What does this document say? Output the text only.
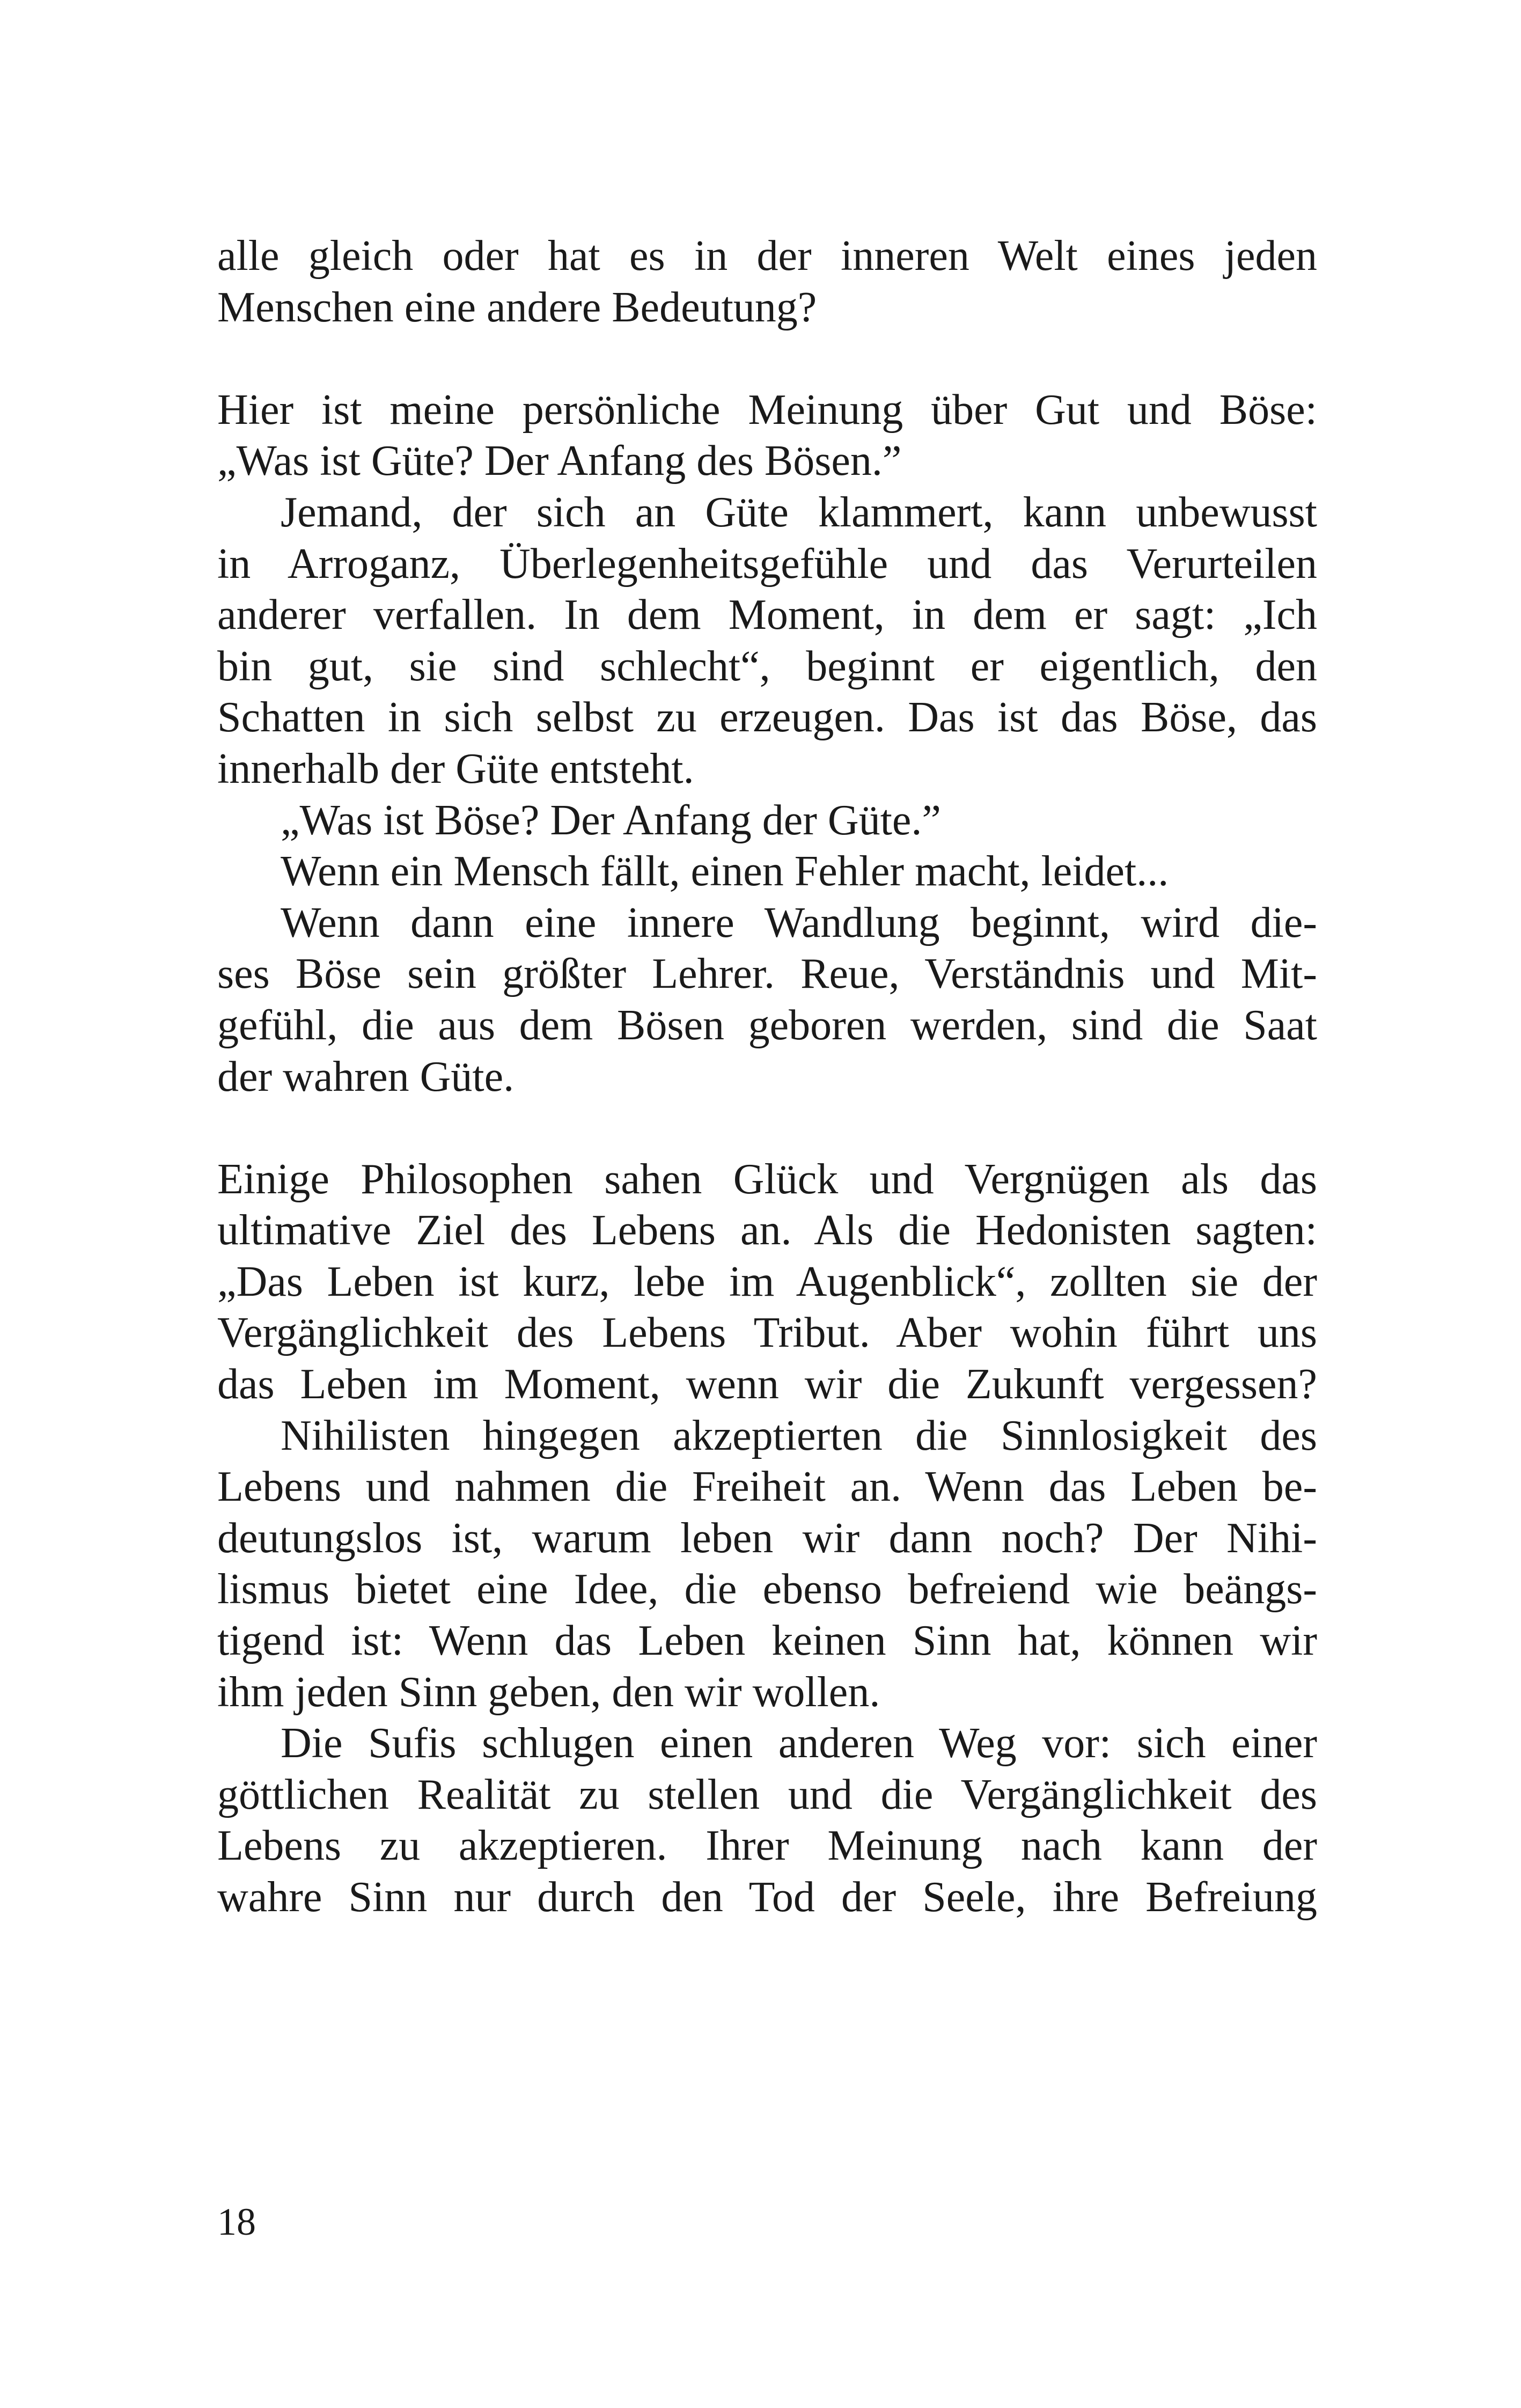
alle gleich oder hat es in der inneren Welt eines jeden
Menschen eine andere Bedeutung?
Hier ist meine persönliche Meinung über Gut und Böse:
„Was ist Güte? Der Anfang des Bösen.”
Jemand, der sich an Güte klammert, kann unbewusst
in Arroganz, Überlegenheitsgefühle und das Verurteilen
anderer verfallen. In dem Moment, in dem er sagt: „Ich
bin gut, sie sind schlecht“, beginnt er eigentlich, den
Schatten in sich selbst zu erzeugen. Das ist das Böse, das
innerhalb der Güte entsteht.
„Was ist Böse? Der Anfang der Güte.”
Wenn ein Mensch fällt, einen Fehler macht, leidet...
Wenn dann eine innere Wandlung beginnt, wird die-
ses Böse sein größter Lehrer. Reue, Verständnis und Mit-
gefühl, die aus dem Bösen geboren werden, sind die Saat
der wahren Güte.
Einige Philosophen sahen Glück und Vergnügen als das
ultimative Ziel des Lebens an. Als die Hedonisten sagten:
„Das Leben ist kurz, lebe im Augenblick“, zollten sie der
Vergänglichkeit des Lebens Tribut. Aber wohin führt uns
das Leben im Moment, wenn wir die Zukunft vergessen?
Nihilisten hingegen akzeptierten die Sinnlosigkeit des
Lebens und nahmen die Freiheit an. Wenn das Leben be-
deutungslos ist, warum leben wir dann noch? Der Nihi-
lismus bietet eine Idee, die ebenso befreiend wie beängs-
tigend ist: Wenn das Leben keinen Sinn hat, können wir
ihm jeden Sinn geben, den wir wollen.
Die Sufis schlugen einen anderen Weg vor: sich einer
göttlichen Realität zu stellen und die Vergänglichkeit des
Lebens zu akzeptieren. Ihrer Meinung nach kann der
wahre Sinn nur durch den Tod der Seele, ihre Befreiung
18
